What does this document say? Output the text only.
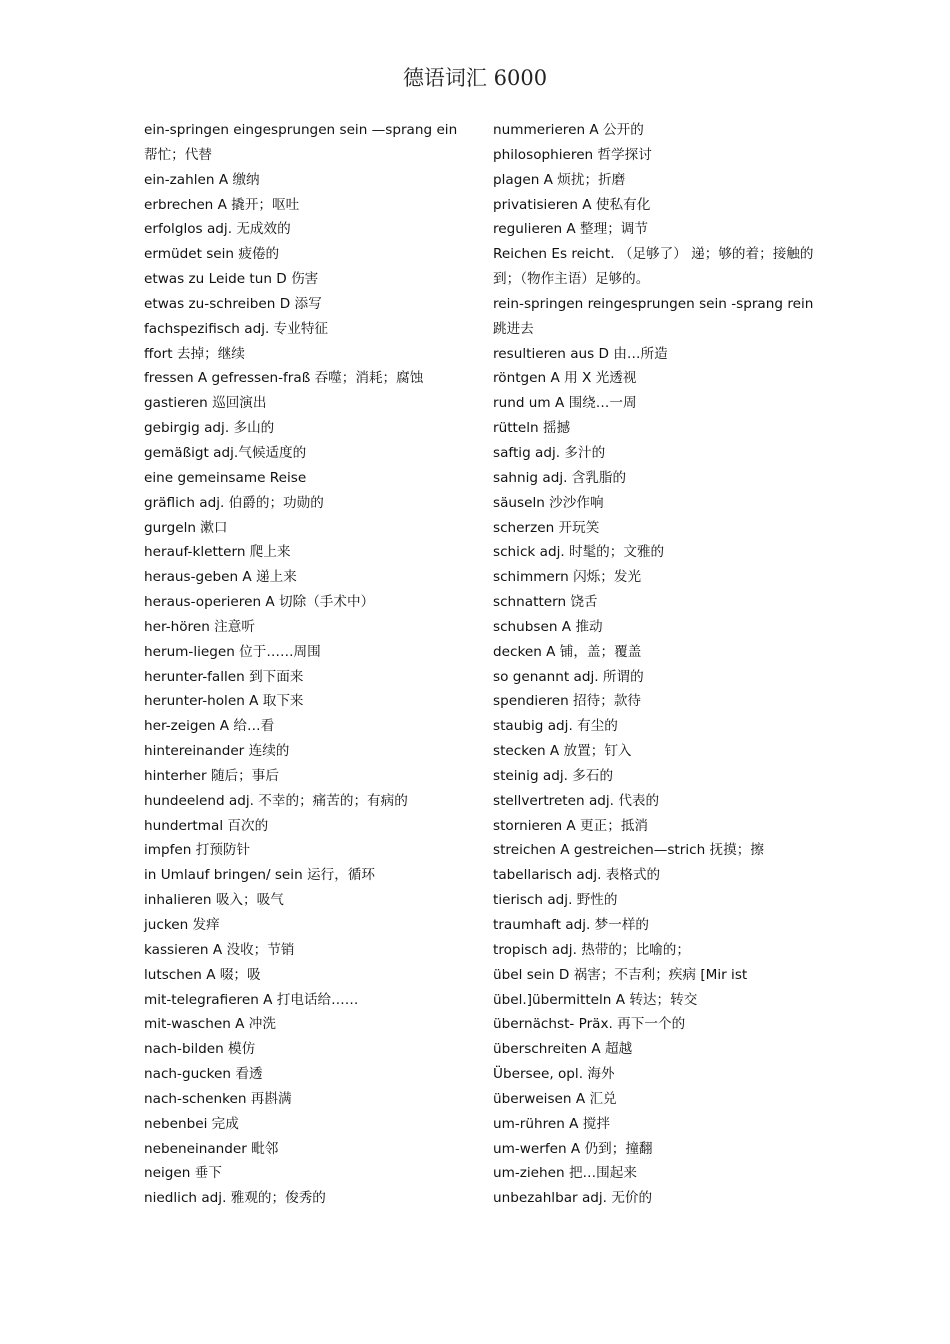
德语词汇 6000
ein-springen eingesprungen sein —sprang ein 帮忙；代替
ein-zahlen A 缴纳
erbrechen A 撬开；呕吐
erfolglos adj. 无成效的
ermüdet sein 疲倦的
etwas zu Leide tun D 伤害
etwas zu-schreiben D 添写
fachspezifisch adj. 专业特征
ffort 去掉；继续
fressen A gefressen-fraß 吞噬；消耗；腐蚀
gastieren 巡回演出
gebirgig adj. 多山的
gemäßigt adj.气候适度的
eine gemeinsame Reise
gräflich adj. 伯爵的；功勋的
gurgeln 漱口
herauf-klettern 爬上来
heraus-geben A 递上来
heraus-operieren A 切除（手术中）
her-hören 注意听
herum-liegen 位于……周围
herunter-fallen 到下面来
herunter-holen A 取下来
her-zeigen A 给…看
hintereinander 连续的
hinterher 随后；事后
hundeelend adj. 不幸的；痛苦的；有病的
hundertmal 百次的
impfen 打预防针
in Umlauf bringen/ sein 运行，循环
inhalieren 吸入；吸气
jucken 发痒
kassieren A 没收；节销
lutschen A 啜；吸
mit-telegrafieren A 打电话给……
mit-waschen A 冲洗
nach-bilden 模仿
nach-gucken 看透
nach-schenken 再斟满
nebenbei 完成
nebeneinander 毗邻
neigen 垂下
niedlich adj. 雅观的；俊秀的
nummerieren A 公开的
philosophieren 哲学探讨
plagen A 烦扰；折磨
privatisieren A 使私有化
regulieren A 整理；调节
Reichen Es reicht. （足够了） 递；够的着；接触的到；（物作主语）足够的。
rein-springen reingesprungen sein -sprang rein 跳进去
resultieren aus D 由…所造
röntgen A 用 X 光透视
rund um A 围绕…一周
rütteln 摇撼
saftig adj. 多汁的
sahnig adj. 含乳脂的
säuseln 沙沙作响
scherzen 开玩笑
schick adj. 时髦的；文雅的
schimmern 闪烁；发光
schnattern 饶舌
schubsen A 推动
decken A 铺，盖；覆盖
so genannt adj. 所谓的
spendieren 招待；款待
staubig adj. 有尘的
stecken A 放置；钉入
steinig adj. 多石的
stellvertreten adj. 代表的
stornieren A 更正；抵消
streichen A gestreichen—strich 抚摸；擦
tabellarisch adj. 表格式的
tierisch adj. 野性的
traumhaft adj. 梦一样的
tropisch adj. 热带的；比喻的；
übel sein D 祸害；不吉利；疾病 [Mir ist übel.]übermitteln A 转达；转交
übernächst- Präx. 再下一个的
überschreiten A 超越
Übersee, opl. 海外
überweisen A 汇兑
um-rühren A 搅拌
um-werfen A 仍到；撞翻
um-ziehen 把…围起来
unbezahlbar adj. 无价的
